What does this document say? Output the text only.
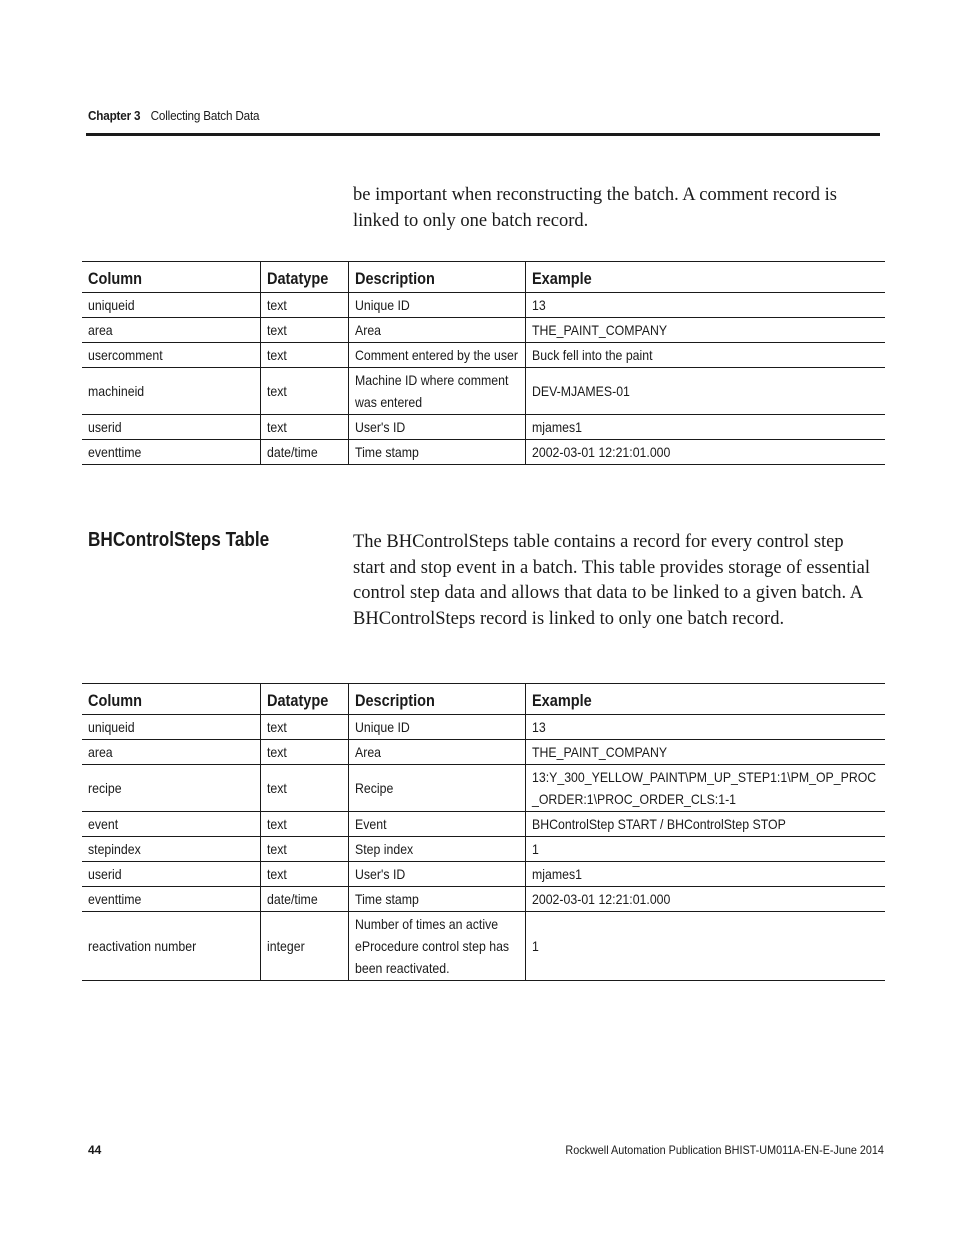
Chapter 3 Collecting Batch Data

be important when reconstructing the batch. A comment record is linked to only one batch record.

Column	Datatype	Description	Example

uniqueid	text	Unique ID	13

area	text	Area	THE_PAINT_COMPANY

usercomment	text	Comment entered by the user	Buck fell into the paint

machineid	text	Machine ID where comment was entered	DEV-MJAMES-01

userid	text	User's ID	mjames1

eventtime	date/time	Time stamp	2002-03-01 12:21:01.000
BHControlSteps Table	The BHControlSteps table contains a record for every control step start and stop event in a batch. This table provides storage of essential control step data and allows that data to be linked to a given batch. A BHControlSteps record is linked to only one batch record.

Column	Datatype	Description	Example

uniqueid	text	Unique ID	13

area	text	Area	THE_PAINT_COMPANY

recipe	text	Recipe	13:Y_300_YELLOW_PAINT\PM_UP_STEP1:1\PM_OP_PROC_ORDER:1\PROC_ORDER_CLS:1-1

event	text	Event	BHControlStep START / BHControlStep STOP

stepindex	text	Step index	1

userid	text	User's ID	mjames1

eventtime	date/time	Time stamp	2002-03-01 12:21:01.000

reactivation number	integer	Number of times an active eProcedure control step has been reactivated.	1
44	Rockwell Automation Publication BHIST-UM011A-EN-E-June 2014
